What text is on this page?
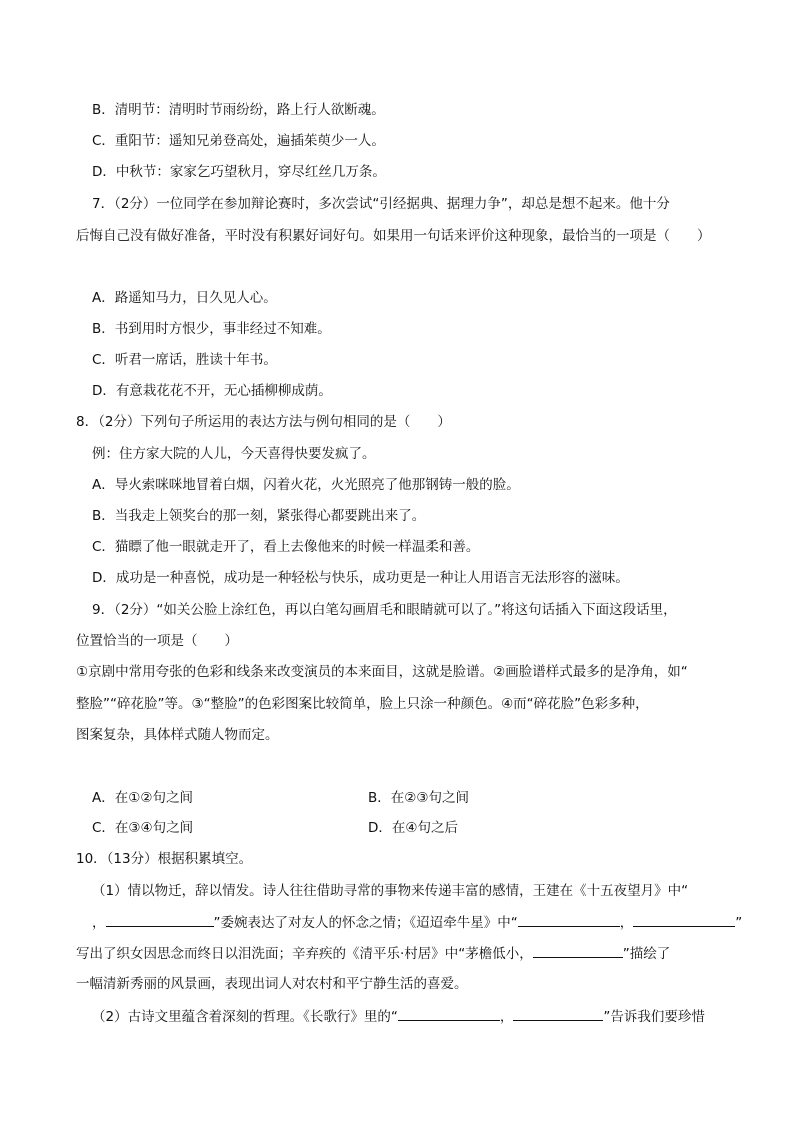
B．清明节：清明时节雨纷纷，路上行人欲断魂。
C．重阳节：遥知兄弟登高处，遍插茱萸少一人。
D．中秋节：家家乞巧望秋月，穿尽红丝几万条。
7．（2分）一位同学在参加辩论赛时，多次尝试“引经据典、据理力争”，却总是想不起来。他十分
后悔自己没有做好准备，平时没有积累好词好句。如果用一句话来评价这种现象，最恰当的一项是（　　）
A．路遥知马力，日久见人心。
B．书到用时方恨少，事非经过不知难。
C．听君一席话，胜读十年书。
D．有意栽花花不开，无心插柳柳成荫。
8．（2分）下列句子所运用的表达方法与例句相同的是（　　）
例：住方家大院的人儿，今天喜得快要发疯了。
A．导火索咪咪地冒着白烟，闪着火花，火光照亮了他那钢铸一般的脸。
B．当我走上领奖台的那一刻，紧张得心都要跳出来了。
C．猫瞟了他一眼就走开了，看上去像他来的时候一样温柔和善。
D．成功是一种喜悦，成功是一种轻松与快乐，成功更是一种让人用语言无法形容的滋味。
9．（2分）“如关公脸上涂红色，再以白笔勾画眉毛和眼睛就可以了。”将这句话插入下面这段话里，
位置恰当的一项是（　　）
①京剧中常用夸张的色彩和线条来改变演员的本来面目，这就是脸谱。②画脸谱样式最多的是净角，如“
整脸”“碎花脸”等。③“整脸”的色彩图案比较简单，脸上只涂一种颜色。④而“碎花脸”色彩多种，
图案复杂，具体样式随人物而定。
A．在①②句之间	B．在②③句之间
C．在③④句之间	D．在④句之后
10．（13分）根据积累填空。
（1）情以物迁，辞以情发。诗人往往借助寻常的事物来传递丰富的感情，王建在《十五夜望月》中“
，	”委婉表达了对友人的怀念之情；《迢迢牵牛星》中“	，	”
写出了织女因思念而终日以泪洗面；辛弃疾的《清平乐·村居》中“茅檐低小，	”描绘了
一幅清新秀丽的风景画，表现出词人对农村和平宁静生活的喜爱。
（2）古诗文里蕴含着深刻的哲理。《长歌行》里的“	，	”告诉我们要珍惜
